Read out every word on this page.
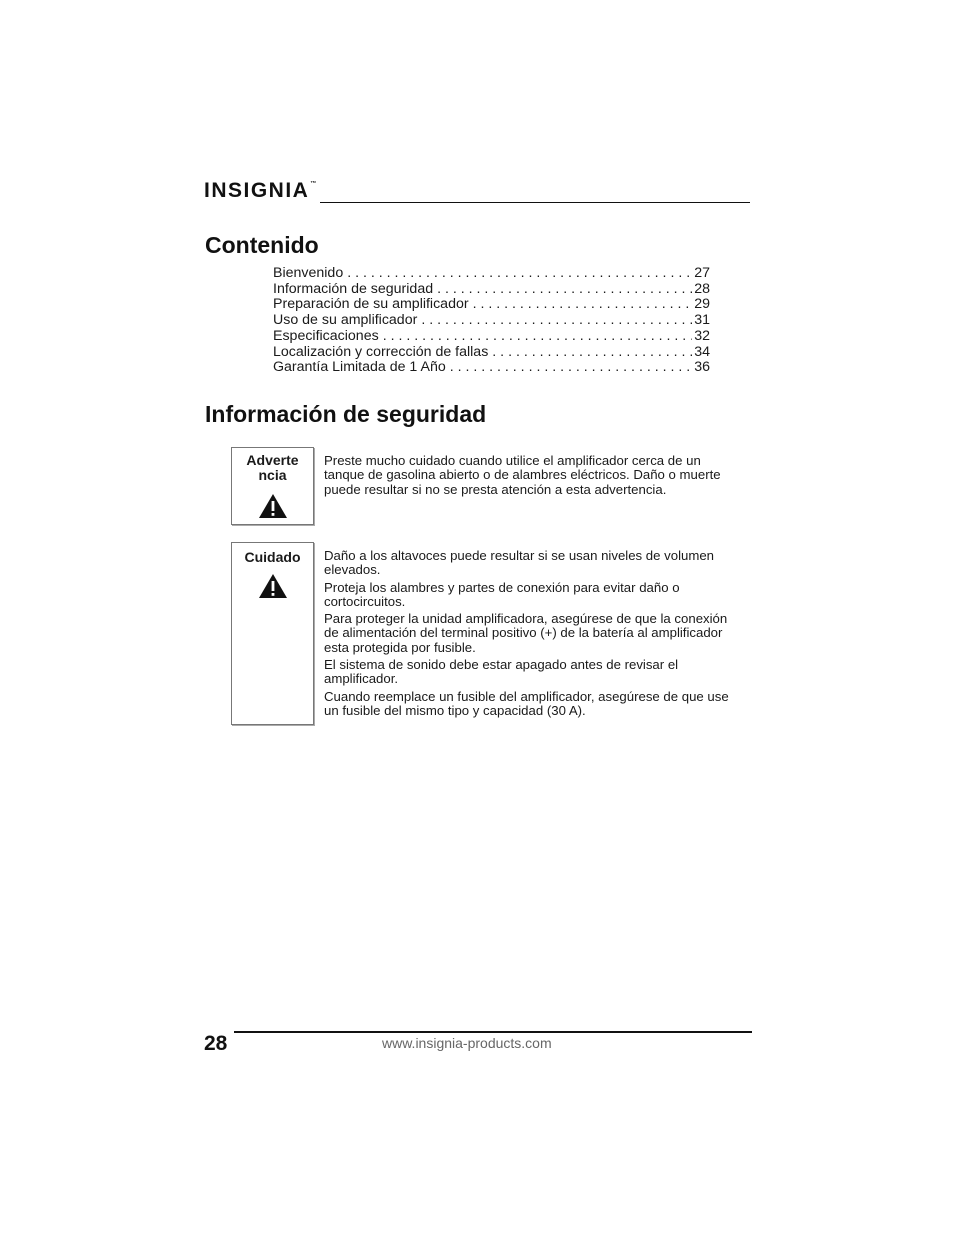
INSIGNIA™
Contenido
Bienvenido . . .	27
Información de seguridad . . .	28
Preparación de su amplificador . . .	29
Uso de su amplificador . . .	31
Especificaciones . . .	32
Localización y corrección de fallas . . .	34
Garantía Limitada de 1 Año . . .	36
Información de seguridad
Adverte
ncia

Preste mucho cuidado cuando utilice el amplificador cerca de un tanque de gasolina abierto o de alambres eléctricos. Daño o muerte puede resultar si no se presta atención a esta advertencia.

Cuidado	Daño a los altavoces puede resultar si se usan niveles de volumen elevados.

Proteja los alambres y partes de conexión para evitar daño o cortocircuitos.

Para proteger la unidad amplificadora, asegúrese de que la conexión de alimentación del terminal positivo (+) de la batería al amplificador esta protegida por fusible.

El sistema de sonido debe estar apagado antes de revisar el amplificador.

Cuando reemplace un fusible del amplificador, asegúrese de que use un fusible del mismo tipo y capacidad (30 A).

28	www.insignia-products.com
